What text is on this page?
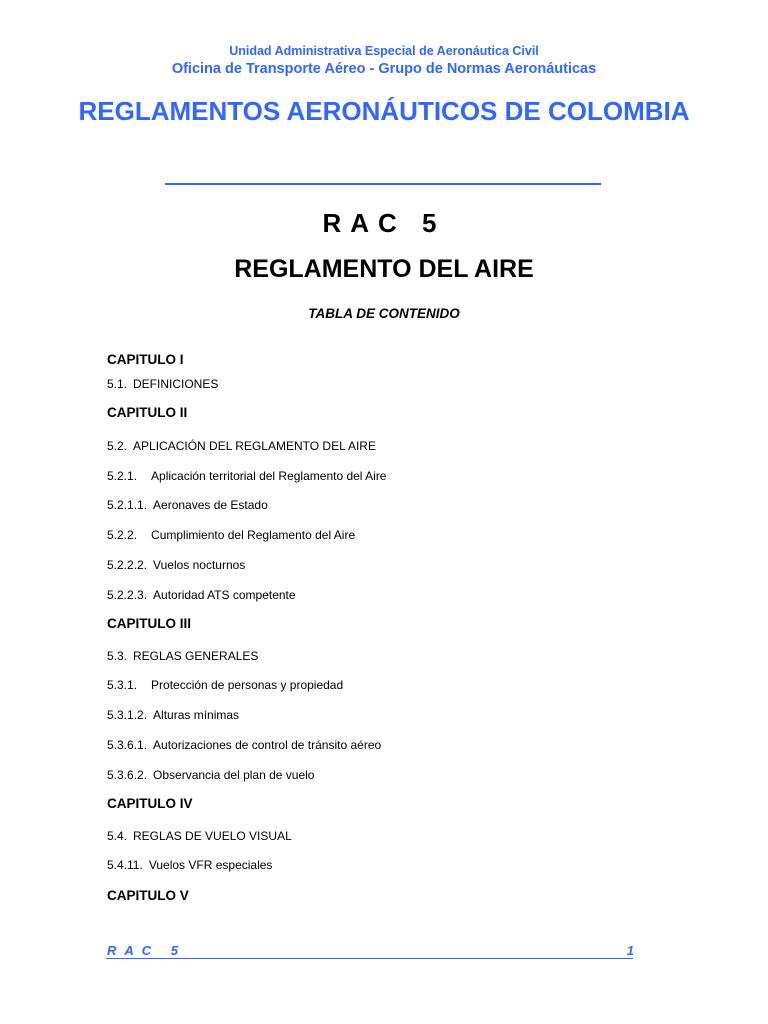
Unidad Administrativa Especial de Aeronáutica Civil
Oficina de Transporte Aéreo - Grupo de Normas Aeronáuticas
REGLAMENTOS AERONÁUTICOS DE COLOMBIA
RAC 5
REGLAMENTO DEL AIRE
TABLA DE CONTENIDO
CAPITULO I
5.1. DEFINICIONES
CAPITULO II
5.2. APLICACIÓN DEL REGLAMENTO DEL AIRE
5.2.1. Aplicación territorial del Reglamento del Aire
5.2.1.1. Aeronaves de Estado
5.2.2. Cumplimiento del Reglamento del Aire
5.2.2.2. Vuelos nocturnos
5.2.2.3. Autoridad ATS competente
CAPITULO III
5.3. REGLAS GENERALES
5.3.1. Protección de personas y propiedad
5.3.1.2. Alturas mínimas
5.3.6.1. Autorizaciones de control de tránsito aéreo
5.3.6.2. Observancia del plan de vuelo
CAPITULO IV
5.4. REGLAS DE VUELO VISUAL
5.4.11. Vuelos VFR especiales
CAPITULO V
RAC 5	1
